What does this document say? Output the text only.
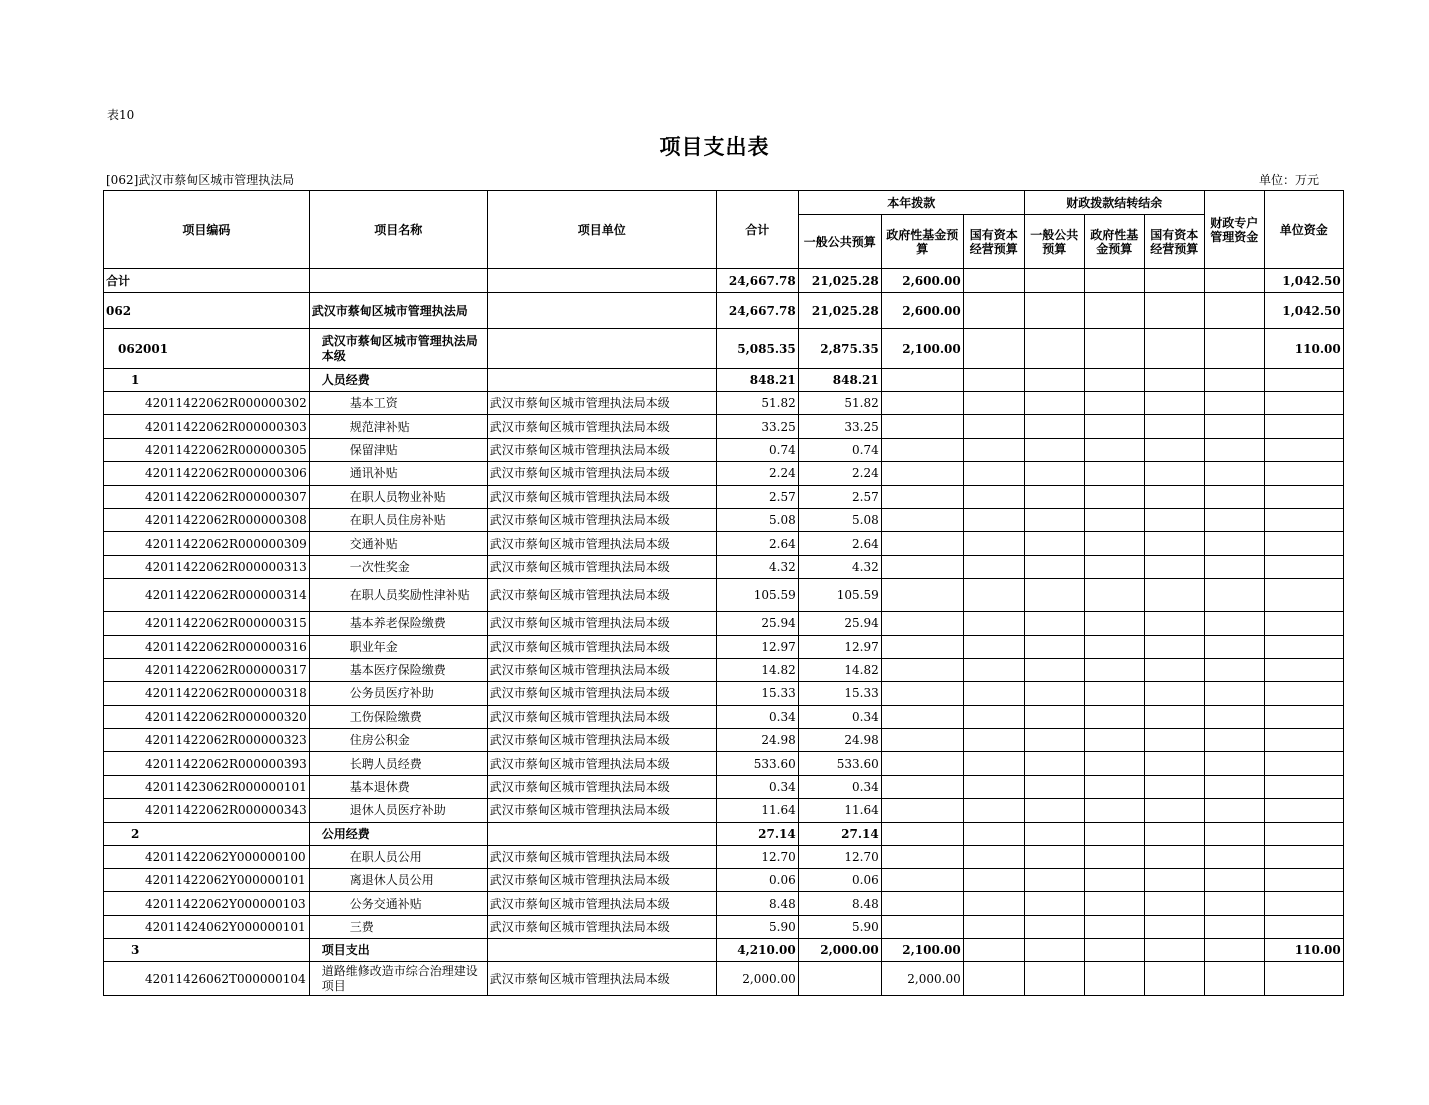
表10
项目支出表
[062]武汉市蔡甸区城市管理执法局	单位：万元
项目编码	项目名称	项目单位	合计	本年拨款			财政拨款结转结余			财政专户管理资金	单位资金
				一般公共预算	政府性基金预算	国有资本经营预算	一般公共预算	政府性基金预算	国有资本经营预算		
合计			24,667.78	21,025.28	2,600.00						1,042.50
062	武汉市蔡甸区城市管理执法局		24,667.78	21,025.28	2,600.00						1,042.50
062001	武汉市蔡甸区城市管理执法局本级		5,085.35	2,875.35	2,100.00						110.00
1	人员经费		848.21	848.21							
42011422062R000000302	基本工资	武汉市蔡甸区城市管理执法局本级	51.82	51.82							
42011422062R000000303	规范津补贴	武汉市蔡甸区城市管理执法局本级	33.25	33.25							
42011422062R000000305	保留津贴	武汉市蔡甸区城市管理执法局本级	0.74	0.74							
42011422062R000000306	通讯补贴	武汉市蔡甸区城市管理执法局本级	2.24	2.24							
42011422062R000000307	在职人员物业补贴	武汉市蔡甸区城市管理执法局本级	2.57	2.57							
42011422062R000000308	在职人员住房补贴	武汉市蔡甸区城市管理执法局本级	5.08	5.08							
42011422062R000000309	交通补贴	武汉市蔡甸区城市管理执法局本级	2.64	2.64							
42011422062R000000313	一次性奖金	武汉市蔡甸区城市管理执法局本级	4.32	4.32							
42011422062R000000314	在职人员奖励性津补贴	武汉市蔡甸区城市管理执法局本级	105.59	105.59							
42011422062R000000315	基本养老保险缴费	武汉市蔡甸区城市管理执法局本级	25.94	25.94							
42011422062R000000316	职业年金	武汉市蔡甸区城市管理执法局本级	12.97	12.97							
42011422062R000000317	基本医疗保险缴费	武汉市蔡甸区城市管理执法局本级	14.82	14.82							
42011422062R000000318	公务员医疗补助	武汉市蔡甸区城市管理执法局本级	15.33	15.33							
42011422062R000000320	工伤保险缴费	武汉市蔡甸区城市管理执法局本级	0.34	0.34							
42011422062R000000323	住房公积金	武汉市蔡甸区城市管理执法局本级	24.98	24.98							
42011422062R000000393	长聘人员经费	武汉市蔡甸区城市管理执法局本级	533.60	533.60							
42011423062R000000101	基本退休费	武汉市蔡甸区城市管理执法局本级	0.34	0.34							
42011422062R000000343	退休人员医疗补助	武汉市蔡甸区城市管理执法局本级	11.64	11.64							
2	公用经费		27.14	27.14							
42011422062Y000000100	在职人员公用	武汉市蔡甸区城市管理执法局本级	12.70	12.70							
42011422062Y000000101	离退休人员公用	武汉市蔡甸区城市管理执法局本级	0.06	0.06							
42011422062Y000000103	公务交通补贴	武汉市蔡甸区城市管理执法局本级	8.48	8.48							
42011424062Y000000101	三费	武汉市蔡甸区城市管理执法局本级	5.90	5.90							
3	项目支出		4,210.00	2,000.00	2,100.00						110.00
42011426062T000000104	道路维修改造市综合治理建设项目	武汉市蔡甸区城市管理执法局本级	2,000.00		2,000.00						
